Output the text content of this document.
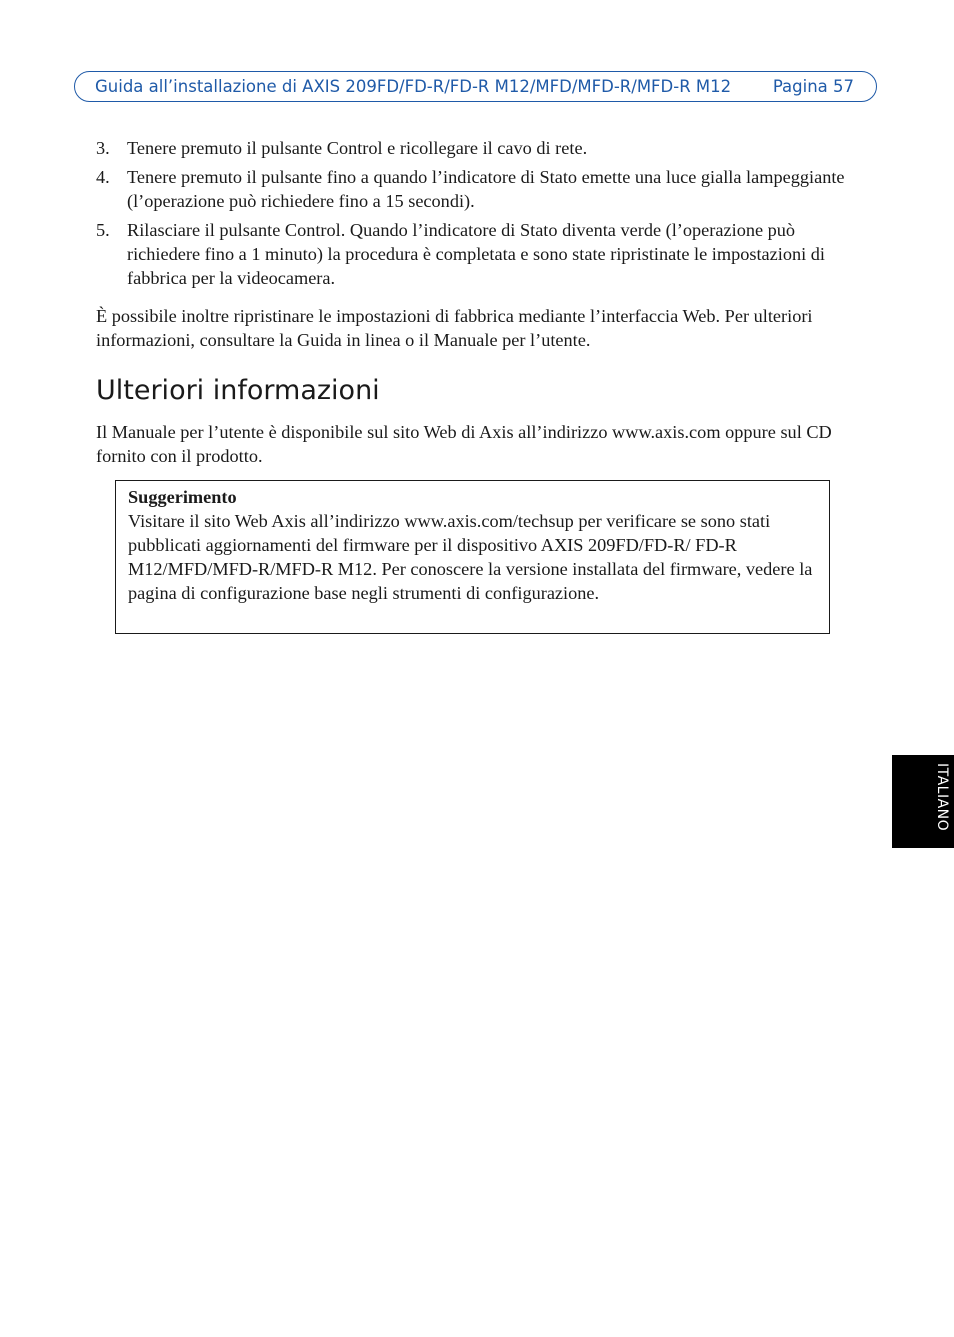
Guida all’installazione di AXIS 209FD/FD-R/FD-R M12/MFD/MFD-R/MFD-R M12	Pagina 57
3. Tenere premuto il pulsante Control e ricollegare il cavo di rete.
4. Tenere premuto il pulsante fino a quando l’indicatore di Stato emette una luce gialla lampeggiante (l’operazione può richiedere fino a 15 secondi).
5. Rilasciare il pulsante Control. Quando l’indicatore di Stato diventa verde (l’operazione può richiedere fino a 1 minuto) la procedura è completata e sono state ripristinate le impostazioni di fabbrica per la videocamera.

È possibile inoltre ripristinare le impostazioni di fabbrica mediante l’interfaccia Web. Per ulteriori informazioni, consultare la Guida in linea o il Manuale per l’utente.

Ulteriori informazioni

Il Manuale per l’utente è disponibile sul sito Web di Axis all’indirizzo www.axis.com oppure sul CD fornito con il prodotto.

Suggerimento
Visitare il sito Web Axis all’indirizzo www.axis.com/techsup per verificare se sono stati pubblicati aggiornamenti del firmware per il dispositivo AXIS 209FD/FD-R/ FD-R M12/MFD/MFD-R/MFD-R M12. Per conoscere la versione installata del firmware, vedere la pagina di configurazione base negli strumenti di configurazione.
ITALIANO
